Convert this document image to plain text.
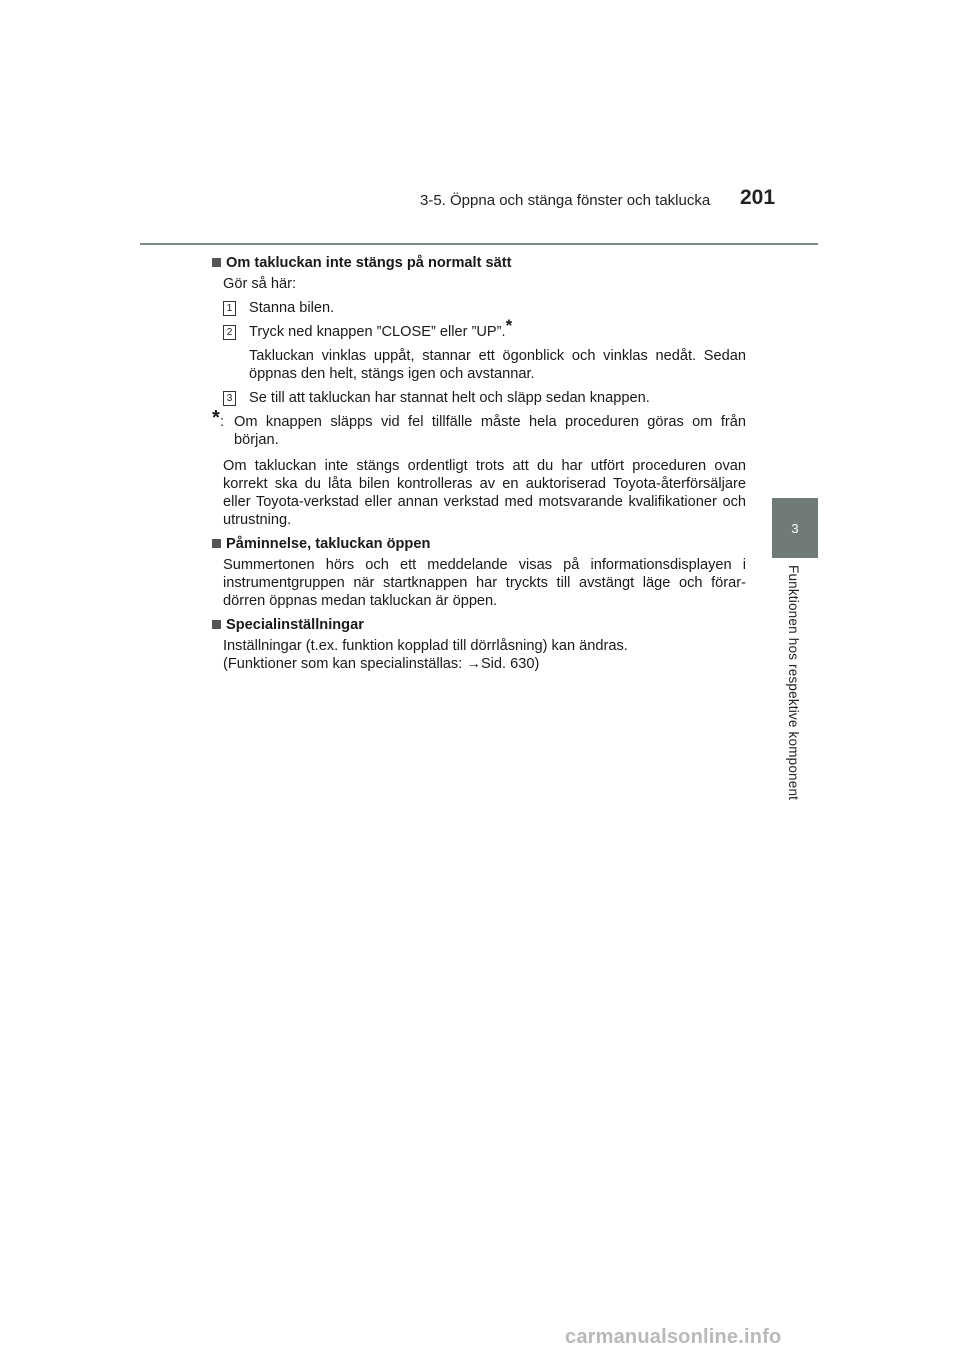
3-5. Öppna och stänga fönster och taklucka 201
3
Funktionen hos respektive komponent
Om takluckan inte stängs på normalt sätt

Gör så här:

1 Stanna bilen.
2 Tryck ned knappen ”CLOSE” eller ”UP”.*

Takluckan vinklas uppåt, stannar ett ögonblick och vinklas nedåt. Sedan öppnas den helt, stängs igen och avstannar.

3 Se till att takluckan har stannat helt och släpp sedan knappen.
* : Om knappen släpps vid fel tillfälle måste hela proceduren göras om från början.

Om takluckan inte stängs ordentligt trots att du har utfört proceduren ovan korrekt ska du låta bilen kontrolleras av en auktoriserad Toyota-återförsäljare eller Toyota-verkstad eller annan verkstad med motsvarande kvalifikationer och utrustning.

Påminnelse, takluckan öppen

Summertonen hörs och ett meddelande visas på informationsdisplayen i instrumentgruppen när startknappen har tryckts till avstängt läge och förar-dörren öppnas medan takluckan är öppen.

Specialinställningar
Inställningar (t.ex. funktion kopplad till dörrlåsning) kan ändras.
(Funktioner som kan specialinställas: →Sid. 630)
carmanualsonline.info
